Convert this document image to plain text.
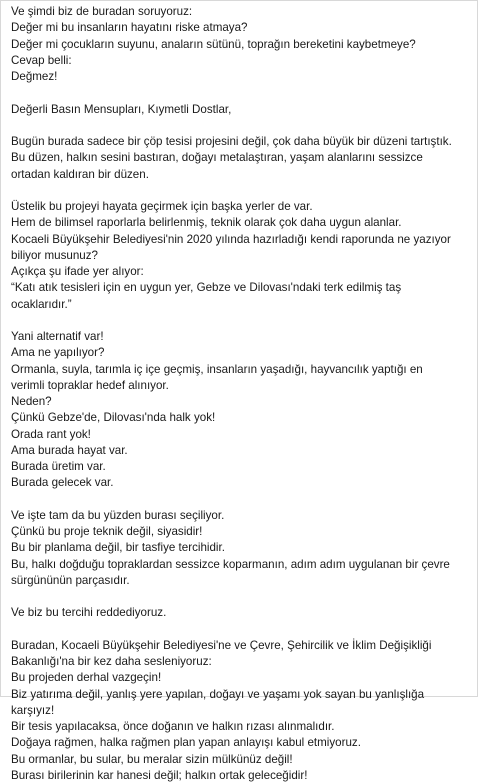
Ve şimdi biz de buradan soruyoruz:
Değer mi bu insanların hayatını riske atmaya?
Değer mi çocukların suyunu, anaların sütünü, toprağın bereketini kaybetmeye?
Cevap belli:
Değmez!
Değerli Basın Mensupları, Kıymetli Dostlar,
Bugün burada sadece bir çöp tesisi projesini değil, çok daha büyük bir düzeni tartıştık.
Bu düzen, halkın sesini bastıran, doğayı metalaştıran, yaşam alanlarını sessizce
ortadan kaldıran bir düzen.
Üstelik bu projeyi hayata geçirmek için başka yerler de var.
Hem de bilimsel raporlarla belirlenmiş, teknik olarak çok daha uygun alanlar.
Kocaeli Büyükşehir Belediyesi'nin 2020 yılında hazırladığı kendi raporunda ne yazıyor
biliyor musunuz?
Açıkça şu ifade yer alıyor:
“Katı atık tesisleri için en uygun yer, Gebze ve Dilovası'ndaki terk edilmiş taş
ocaklarıdır.”
Yani alternatif var!
Ama ne yapılıyor?
Ormanla, suyla, tarımla iç içe geçmiş, insanların yaşadığı, hayvancılık yaptığı en
verimli topraklar hedef alınıyor.
Neden?
Çünkü Gebze'de, Dilovası'nda halk yok!
Orada rant yok!
Ama burada hayat var.
Burada üretim var.
Burada gelecek var.
Ve işte tam da bu yüzden burası seçiliyor.
Çünkü bu proje teknik değil, siyasidir!
Bu bir planlama değil, bir tasfiye tercihidir.
Bu, halkı doğduğu topraklardan sessizce koparmanın, adım adım uygulanan bir çevre
sürgününün parçasıdır.
Ve biz bu tercihi reddediyoruz.
Buradan, Kocaeli Büyükşehir Belediyesi'ne ve Çevre, Şehircilik ve İklim Değişikliği
Bakanlığı'na bir kez daha sesleniyoruz:
Bu projeden derhal vazgeçin!
Biz yatırıma değil, yanlış yere yapılan, doğayı ve yaşamı yok sayan bu yanlışlığa
karşıyız!
Bir tesis yapılacaksa, önce doğanın ve halkın rızası alınmalıdır.
Doğaya rağmen, halka rağmen plan yapan anlayışı kabul etmiyoruz.
Bu ormanlar, bu sular, bu meralar sizin mülkünüz değil!
Burası birilerinin kar hanesi değil; halkın ortak geleceğidir!
